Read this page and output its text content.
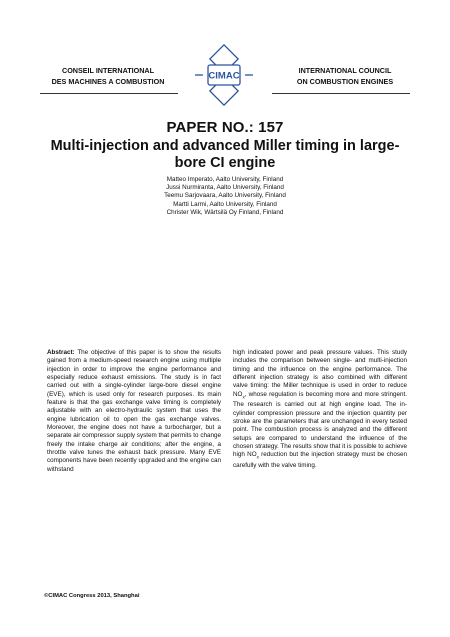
CONSEIL INTERNATIONAL
DES MACHINES A COMBUSTION	CIMAC	INTERNATIONAL COUNCIL
ON COMBUSTION ENGINES
PAPER NO.: 157
Multi-injection and advanced Miller timing in large-bore CI engine
Matteo Imperato, Aalto University, Finland
Jussi Nurmiranta, Aalto University, Finland
Teemu Sarjovaara, Aalto University, Finland
Martti Larmi, Aalto University, Finland
Christer Wik, Wärtsilä Oy Finland, Finland
Abstract: The objective of this paper is to show the results gained from a medium-speed research engine using multiple injection in order to improve the engine performance and especially reduce exhaust emissions. The study is in fact carried out with a single-cylinder large-bore diesel engine (EVE), which is used only for research purposes. Its main feature is that the gas exchange valve timing is completely adjustable with an electro-hydraulic system that uses the engine lubrication oil to open the gas exchange valves. Moreover, the engine does not have a turbocharger, but a separate air compressor supply system that permits to change freely the intake charge air conditions; after the engine, a throttle valve tunes the exhaust back pressure. Many EVE components have been recently upgraded and the engine can withstand
high indicated power and peak pressure values. This study includes the comparison between single- and multi-injection timing and the influence on the engine performance. The different injection strategy is also combined with different valve timing: the Miller technique is used in order to reduce $NO_x$, whose regulation is becoming more and more stringent. The research is carried out at high engine load. The in-cylinder compression pressure and the injection quantity per stroke are the parameters that are unchanged in every tested point. The combustion process is analyzed and the different setups are compared to understand the influence of the chosen strategy. The results show that it is possible to achieve high $NO_x$ reduction but the injection strategy must be chosen carefully with the valve timing.
©CIMAC Congress 2013, Shanghai
